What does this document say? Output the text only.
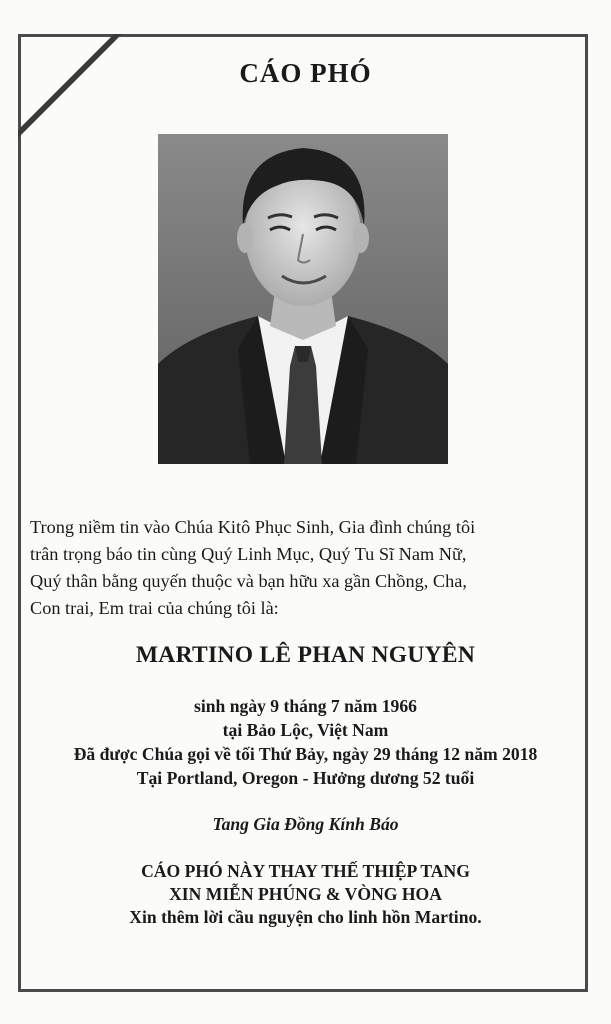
CÁO PHÓ
Trong niềm tin vào Chúa Kitô Phục Sinh, Gia đình chúng tôi
trân trọng báo tin cùng Quý Linh Mục, Quý Tu Sĩ Nam Nữ,
Quý thân bằng quyến thuộc và bạn hữu xa gần Chồng, Cha,
Con trai, Em trai của chúng tôi là:
MARTINO LÊ PHAN NGUYÊN
sinh ngày 9 tháng 7 năm 1966
tại Bảo Lộc, Việt Nam
Đã được Chúa gọi về tối Thứ Bảy, ngày 29 tháng 12 năm 2018
Tại Portland, Oregon - Hưởng dương 52 tuổi
Tang Gia Đồng Kính Báo
CÁO PHÓ NÀY THAY THẾ THIỆP TANG
XIN MIỄN PHÚNG & VÒNG HOA
Xin thêm lời cầu nguyện cho linh hồn Martino.
